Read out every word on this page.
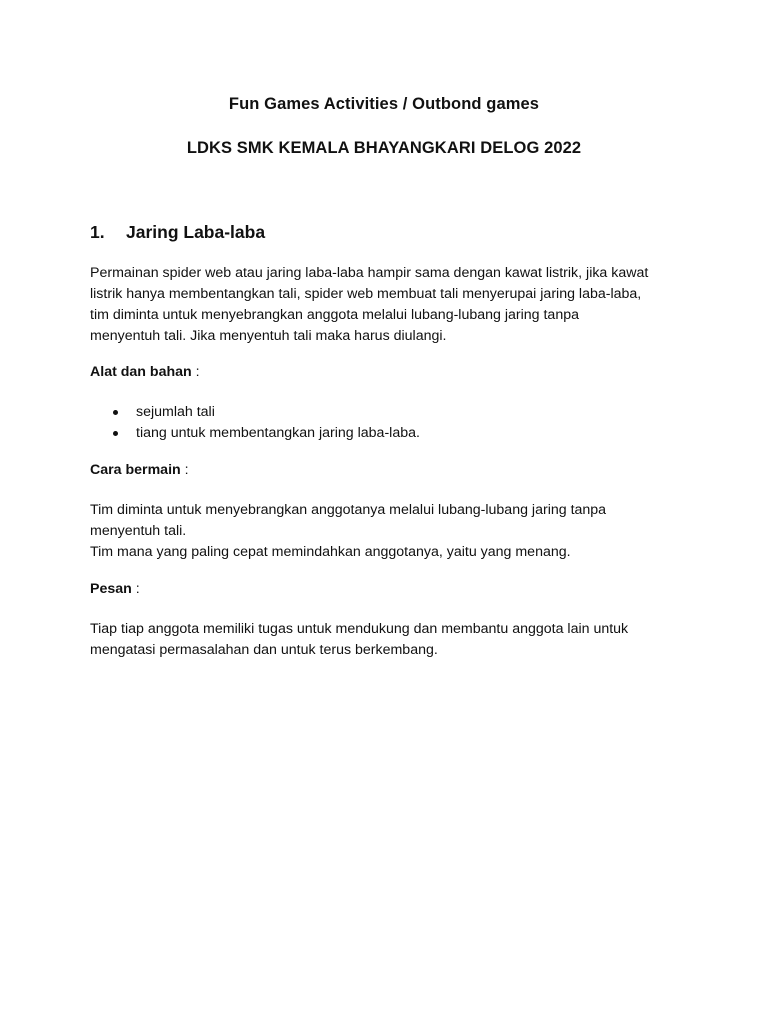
Fun Games Activities / Outbond games
LDKS SMK KEMALA BHAYANGKARI DELOG 2022
1.	Jaring Laba-laba

Permainan spider web atau jaring laba-laba hampir sama dengan kawat listrik, jika kawat
listrik hanya membentangkan tali, spider web membuat tali menyerupai jaring laba-laba,
tim diminta untuk menyebrangkan anggota melalui lubang-lubang jaring tanpa
menyentuh tali. Jika menyentuh tali maka harus diulangi.

Alat dan bahan :

sejumlah tali
tiang untuk membentangkan jaring laba-laba.

Cara bermain :

Tim diminta untuk menyebrangkan anggotanya melalui lubang-lubang jaring tanpa
menyentuh tali.
Tim mana yang paling cepat memindahkan anggotanya, yaitu yang menang.

Pesan :

Tiap tiap anggota memiliki tugas untuk mendukung dan membantu anggota lain untuk
mengatasi permasalahan dan untuk terus berkembang.
